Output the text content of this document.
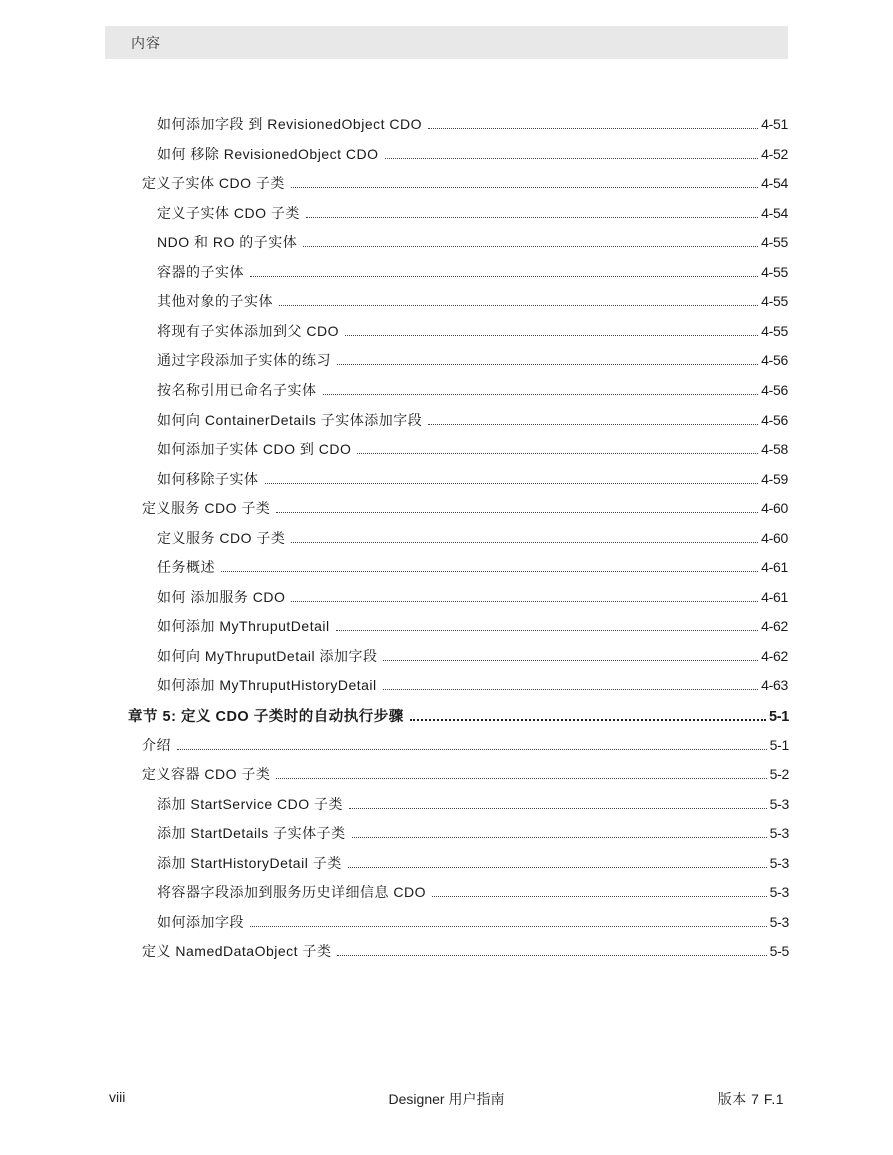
内容
如何添加字段 到 RevisionedObject CDO	4-51
如何 移除 RevisionedObject CDO	4-52
定义子实体 CDO 子类	4-54
定义子实体 CDO 子类	4-54
NDO 和 RO 的子实体	4-55
容器的子实体	4-55
其他对象的子实体	4-55
将现有子实体添加到父 CDO	4-55
通过字段添加子实体的练习	4-56
按名称引用已命名子实体	4-56
如何向 ContainerDetails 子实体添加字段	4-56
如何添加子实体 CDO 到 CDO	4-58
如何移除子实体	4-59
定义服务 CDO 子类	4-60
定义服务 CDO 子类	4-60
任务概述	4-61
如何 添加服务 CDO	4-61
如何添加 MyThruputDetail	4-62
如何向 MyThruputDetail 添加字段	4-62
如何添加 MyThruputHistoryDetail	4-63
章节 5: 定义 CDO 子类时的自动执行步骤	5-1
介绍	5-1
定义容器 CDO 子类	5-2
添加 StartService CDO 子类	5-3
添加 StartDetails 子实体子类	5-3
添加 StartHistoryDetail 子类	5-3
将容器字段添加到服务历史详细信息 CDO	5-3
如何添加字段	5-3
定义 NamedDataObject 子类	5-5
viii	Designer 用户指南	版本 7 F.1
